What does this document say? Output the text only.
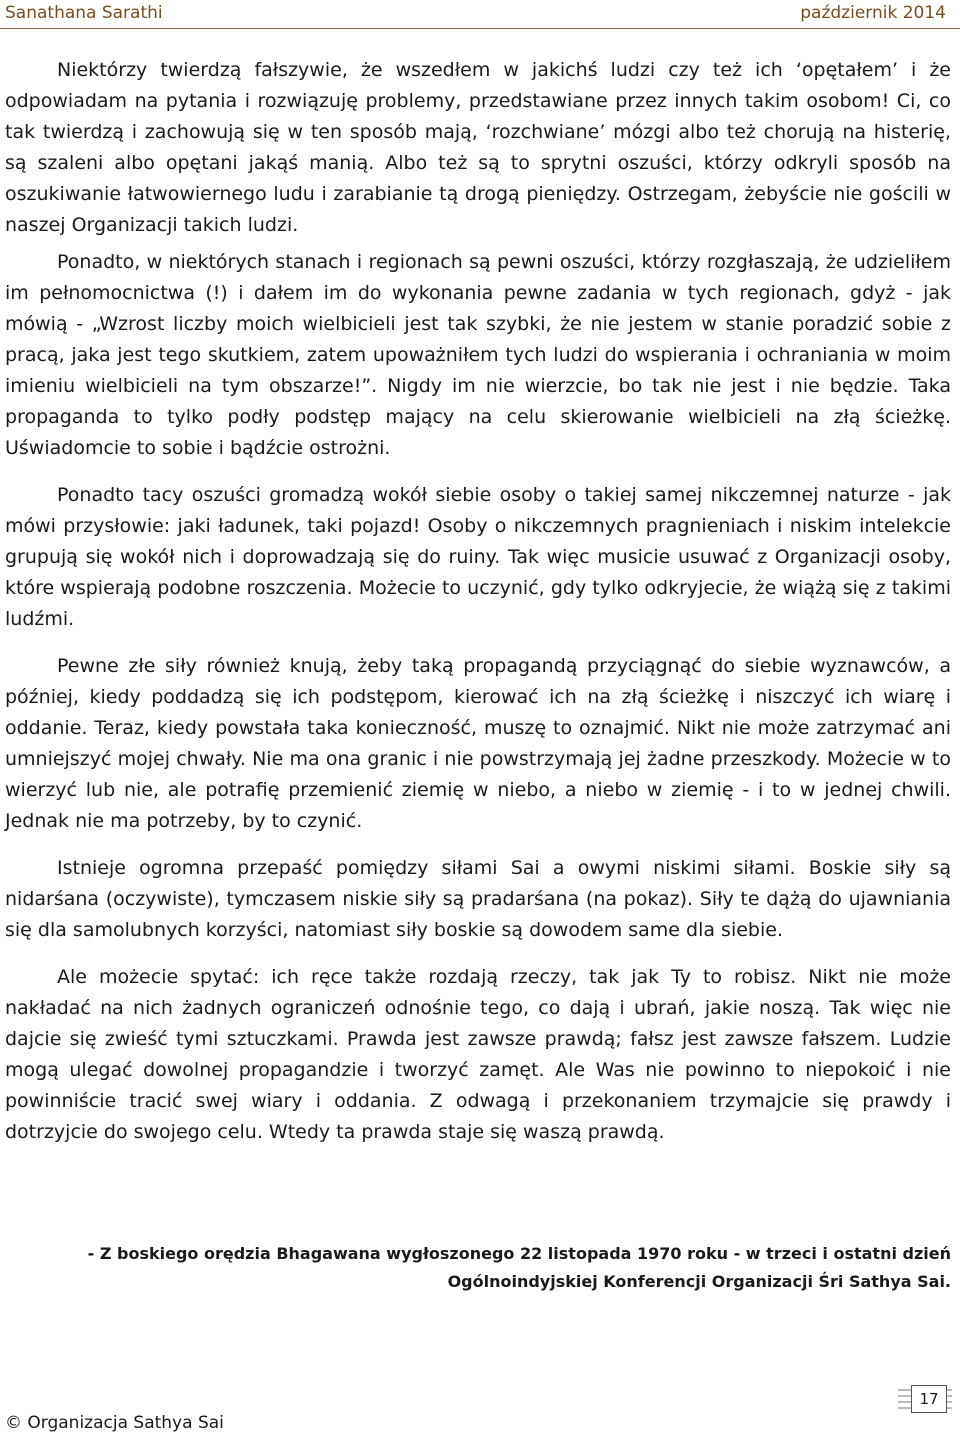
Sanathana Sarathi	październik 2014

Niektórzy twierdzą fałszywie, że wszedłem w jakichś ludzi czy też ich ‘opętałem’ i że odpowiadam na pytania i rozwiązuję problemy, przedstawiane przez innych takim osobom! Ci, co tak twierdzą i zachowują się w ten sposób mają, ‘rozchwiane’ mózgi albo też chorują na histerię, są szaleni albo opętani jakąś manią. Albo też są to sprytni oszuści, którzy odkryli sposób na oszukiwanie łatwowiernego ludu i zarabianie tą drogą pieniędzy. Ostrzegam, żebyście nie gościli w naszej Organizacji takich ludzi.

Ponadto, w niektórych stanach i regionach są pewni oszuści, którzy rozgłaszają, że udzieliłem im pełnomocnictwa (!) i dałem im do wykonania pewne zadania w tych regionach, gdyż - jak mówią - „Wzrost liczby moich wielbicieli jest tak szybki, że nie jestem w stanie poradzić sobie z pracą, jaka jest tego skutkiem, zatem upoważniłem tych ludzi do wspierania i ochraniania w moim imieniu wielbicieli na tym obszarze!”. Nigdy im nie wierzcie, bo tak nie jest i nie będzie. Taka propaganda to tylko podły podstęp mający na celu skierowanie wielbicieli na złą ścieżkę. Uświadomcie to sobie i bądźcie ostrożni.

Ponadto tacy oszuści gromadzą wokół siebie osoby o takiej samej nikczemnej naturze - jak mówi przysłowie: jaki ładunek, taki pojazd! Osoby o nikczemnych pragnieniach i niskim intelekcie grupują się wokół nich i doprowadzają się do ruiny. Tak więc musicie usuwać z Organizacji osoby, które wspierają podobne roszczenia. Możecie to uczynić, gdy tylko odkryjecie, że wiążą się z takimi ludźmi.

Pewne złe siły również knują, żeby taką propagandą przyciągnąć do siebie wyznawców, a później, kiedy poddadzą się ich podstępom, kierować ich na złą ścieżkę i niszczyć ich wiarę i oddanie. Teraz, kiedy powstała taka konieczność, muszę to oznajmić. Nikt nie może zatrzymać ani umniejszyć mojej chwały. Nie ma ona granic i nie powstrzymają jej żadne przeszkody. Możecie w to wierzyć lub nie, ale potrafię przemienić ziemię w niebo, a niebo w ziemię - i to w jednej chwili. Jednak nie ma potrzeby, by to czynić.

Istnieje ogromna przepaść pomiędzy siłami Sai a owymi niskimi siłami. Boskie siły są nidarśana (oczywiste), tymczasem niskie siły są pradarśana (na pokaz). Siły te dążą do ujawniania się dla samolubnych korzyści, natomiast siły boskie są dowodem same dla siebie.

Ale możecie spytać: ich ręce także rozdają rzeczy, tak jak Ty to robisz. Nikt nie może nakładać na nich żadnych ograniczeń odnośnie tego, co dają i ubrań, jakie noszą. Tak więc nie dajcie się zwieść tymi sztuczkami. Prawda jest zawsze prawdą; fałsz jest zawsze fałszem. Ludzie mogą ulegać dowolnej propagandzie i tworzyć zamęt. Ale Was nie powinno to niepokoić i nie powinniście tracić swej wiary i oddania. Z odwagą i przekonaniem trzymajcie się prawdy i dotrzyjcie do swojego celu. Wtedy ta prawda staje się waszą prawdą.

- Z boskiego orędzia Bhagawana wygłoszonego 22 listopada 1970 roku - w trzeci i ostatni dzień
Ogólnoindyjskiej Konferencji Organizacji Śri Sathya Sai.
© Organizacja Sathya Sai
17
